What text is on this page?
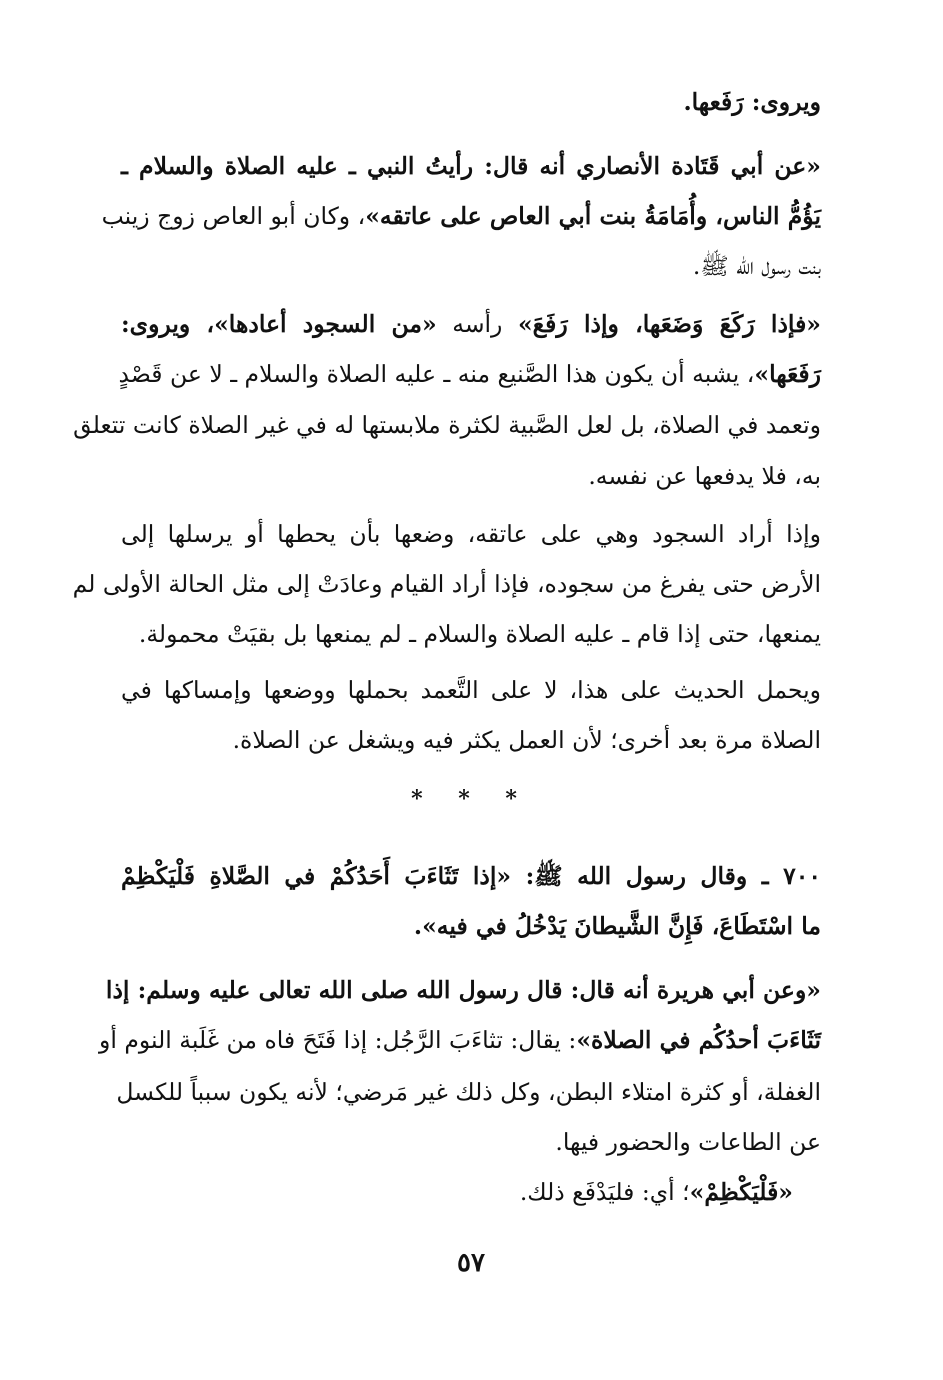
ويروى: رَفَعها.
«عن أبي قَتَادة الأنصاري أنه قال: رأيتُ النبي ـ عليه الصلاة والسلام ـ
يَؤُمُّ الناس، وأُمَامَةُ بنت أبي العاص على عاتقه»، وكان أبو العاص زوج زينب
بنت رسول الله ﷺ.
«فإذا رَكَعَ وَضَعَها، وإذا رَفَعَ» رأسه «من السجود أعادها»، ويروى:
رَفَعَها»، يشبه أن يكون هذا الصَّنيع منه ـ عليه الصلاة والسلام ـ لا عن قَصْدٍ
وتعمد في الصلاة، بل لعل الصَّبية لكثرة ملابستها له في غير الصلاة كانت تتعلق
به، فلا يدفعها عن نفسه.
وإذا أراد السجود وهي على عاتقه، وضعها بأن يحطها أو يرسلها إلى
الأرض حتى يفرغ من سجوده، فإذا أراد القيام وعادَتْ إلى مثل الحالة الأولى لم
يمنعها، حتى إذا قام ـ عليه الصلاة والسلام ـ لم يمنعها بل بقيَتْ محمولة.
ويحمل الحديث على هذا، لا على التَّعمد بحملها ووضعها وإمساكها في
الصلاة مرة بعد أخرى؛ لأن العمل يكثر فيه ويشغل عن الصلاة.
* * *
٧٠٠ ـ وقال رسول الله ﷺ: «إذا تَثَاءَبَ أَحَدُكُمْ في الصَّلاةِ فَلْيَكْظِمْ
ما اسْتَطَاعَ، فَإِنَّ الشَّيطانَ يَدْخُلُ في فيه».
«وعن أبي هريرة أنه قال: قال رسول الله صلى الله تعالى عليه وسلم: إذا
تَثَاءَبَ أحدُكُم في الصلاة»: يقال: تثاءَبَ الرَّجُل: إذا فَتَحَ فاه من غَلَبة النوم أو
الغفلة، أو كثرة امتلاء البطن، وكل ذلك غير مَرضي؛ لأنه يكون سبباً للكسل
عن الطاعات والحضور فيها.
«فَلْيَكْظِمْ»؛ أي: فليَدْفَع ذلك.
٥٧
